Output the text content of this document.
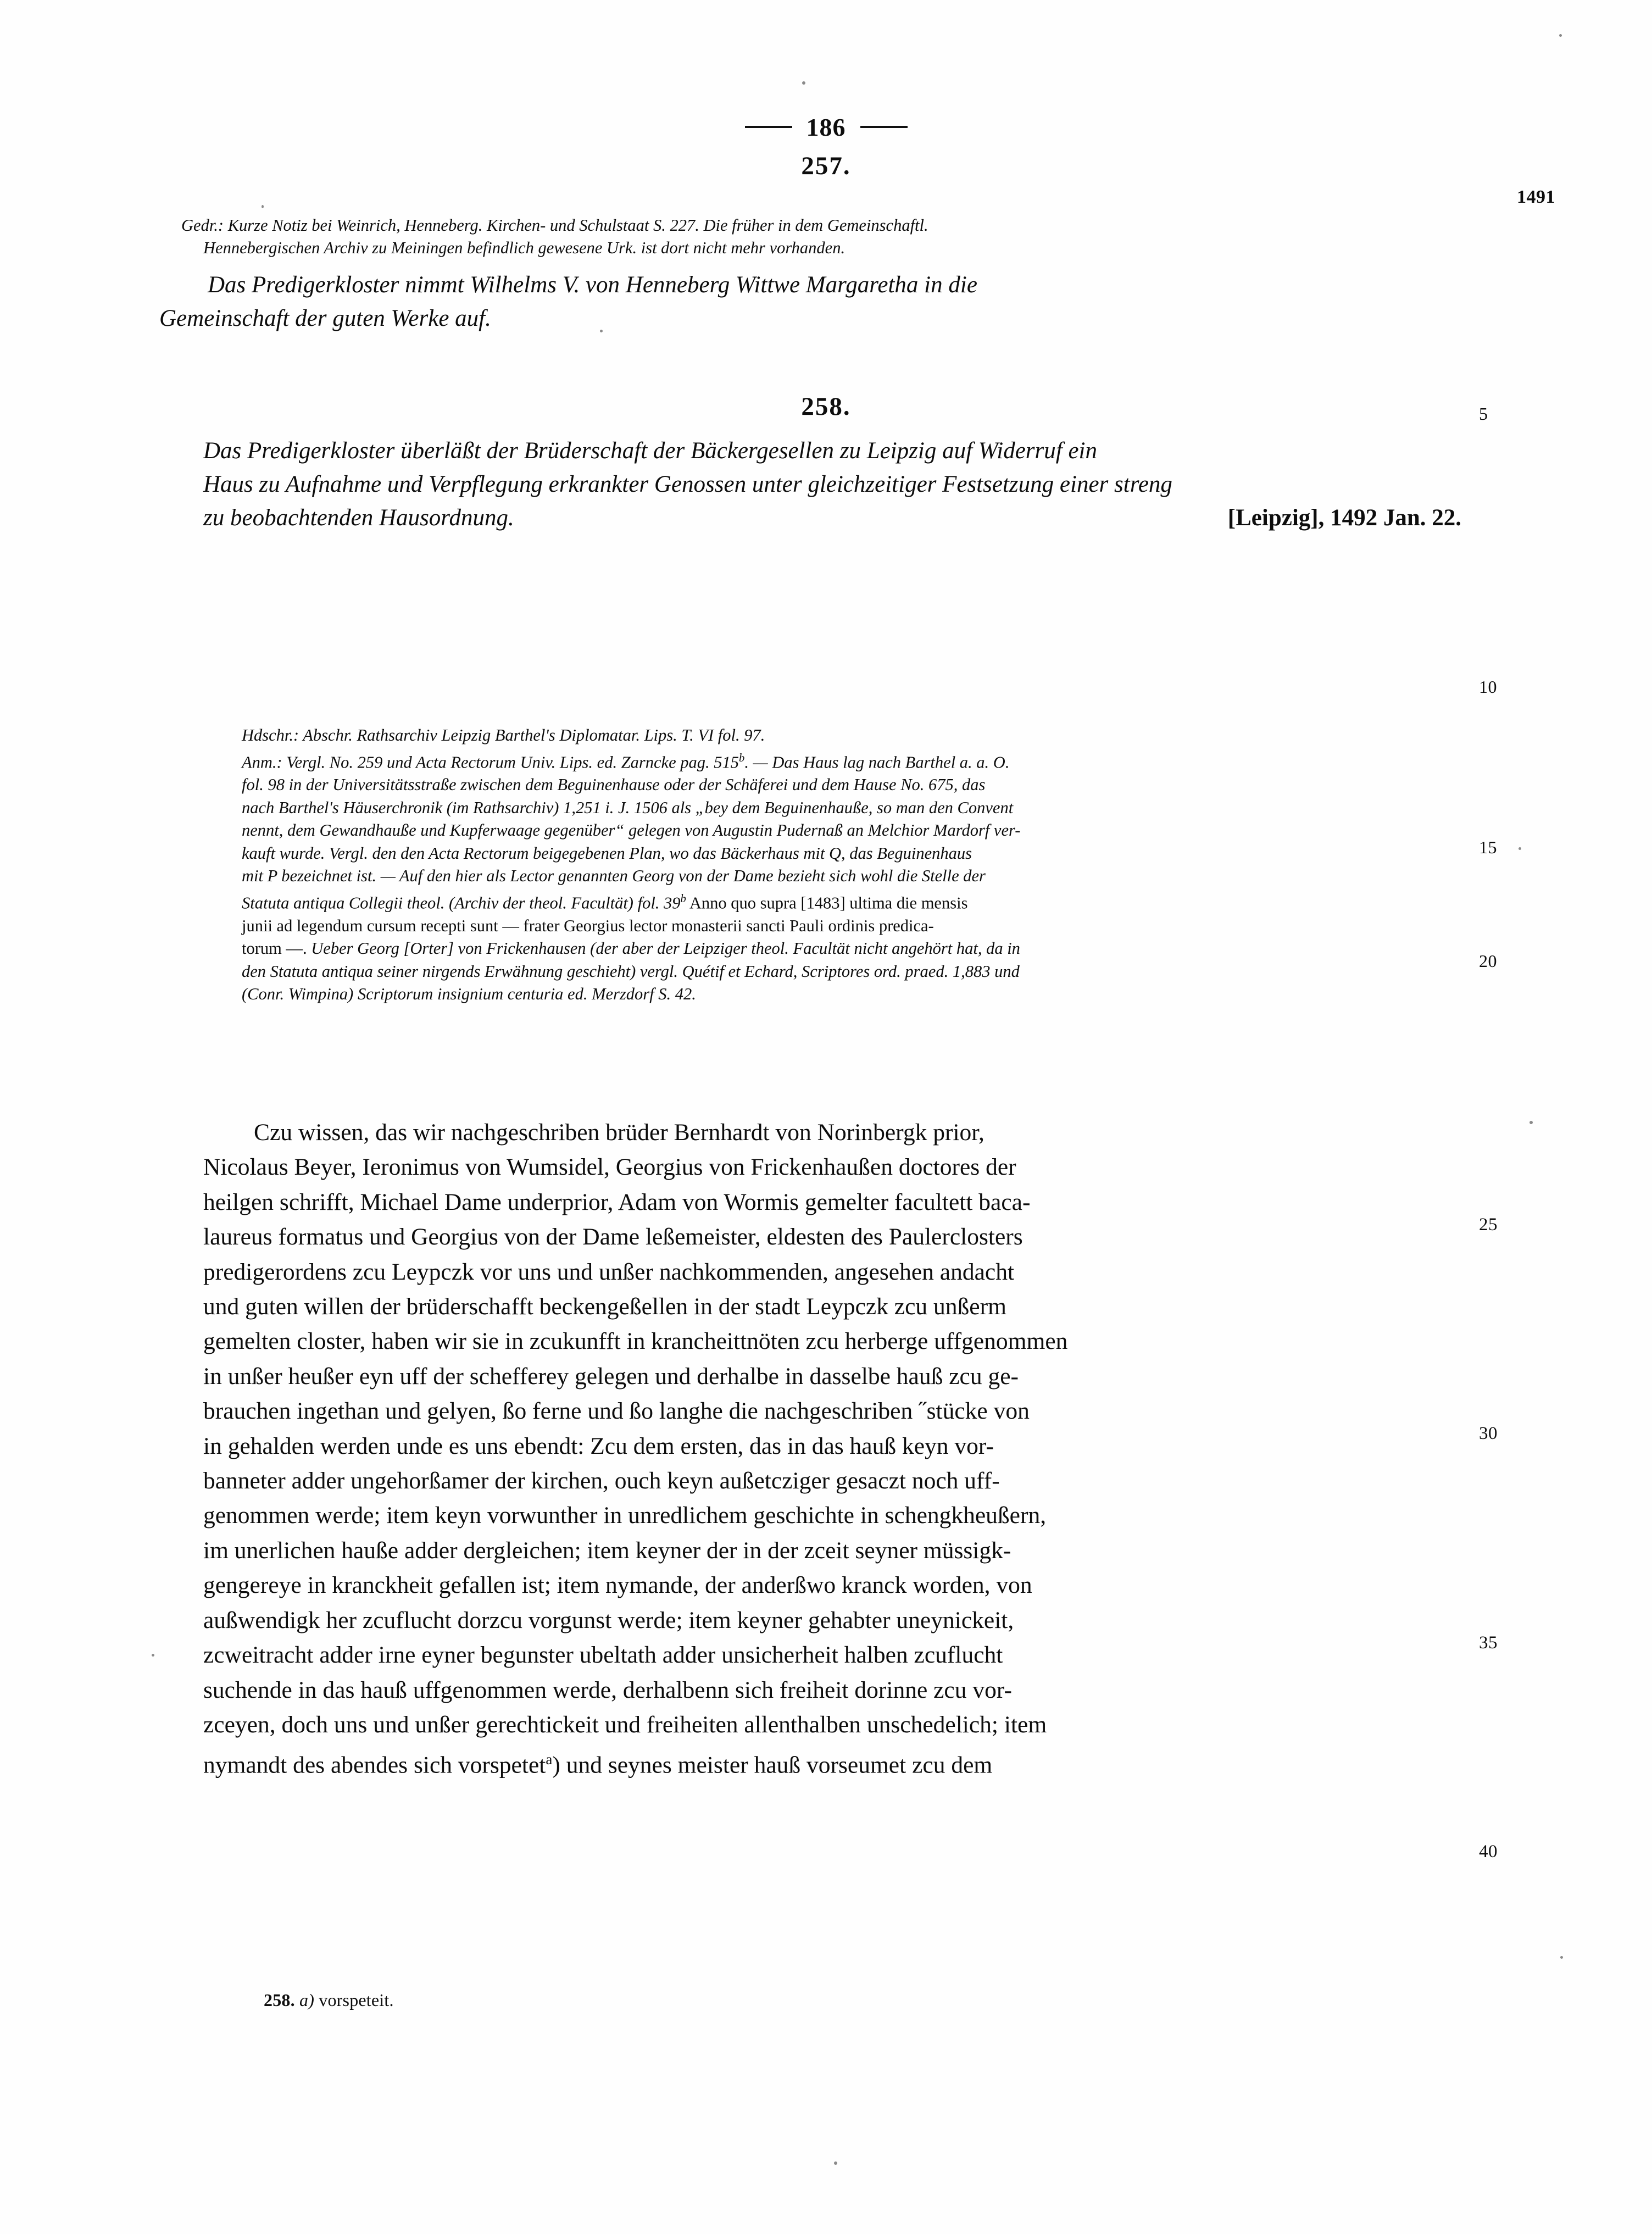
186
257.
1491
Gedr.: Kurze Notiz bei Weinrich, Henneberg. Kirchen- und Schulstaat S. 227. Die früher in dem Gemeinschaftl.
Hennebergischen Archiv zu Meiningen befindlich gewesene Urk. ist dort nicht mehr vorhanden.
Das Predigerkloster nimmt Wilhelms V. von Henneberg Wittwe Margaretha in die
Gemeinschaft der guten Werke auf.
258.
Das Predigerkloster überläßt der Brüderschaft der Bäckergesellen zu Leipzig auf Widerruf ein
Haus zu Aufnahme und Verpflegung erkrankter Genossen unter gleichzeitiger Festsetzung einer streng
[Leipzig], 1492 Jan. 22.
zu beobachtenden Hausordnung.
Hdschr.: Abschr. Rathsarchiv Leipzig Barthel's Diplomatar. Lips. T. VI fol. 97.
Anm.: Vergl. No. 259 und Acta Rectorum Univ. Lips. ed. Zarncke pag. 515$^b$. — Das Haus lag nach Barthel a. a. O.
fol. 98 in der Universitätsstraße zwischen dem Beguinenhause oder der Schäferei und dem Hause No. 675, das
nach Barthel's Häuserchronik (im Rathsarchiv) 1,251 i. J. 1506 als „bey dem Beguinenhauße, so man den Convent
nennt, dem Gewandhauße und Kupferwaage gegenüber“ gelegen von Augustin Pudernaß an Melchior Mardorf ver-
kauft wurde. Vergl. den den Acta Rectorum beigegebenen Plan, wo das Bäckerhaus mit Q, das Beguinenhaus
mit P bezeichnet ist. — Auf den hier als Lector genannten Georg von der Dame bezieht sich wohl die Stelle der
Statuta antiqua Collegii theol. (Archiv der theol. Facultät) fol. 39$^b$ Anno quo supra [1483] ultima die mensis
junii ad legendum cursum recepti sunt — frater Georgius lector monasterii sancti Pauli ordinis predica-
torum —. Ueber Georg [Orter] von Frickenhausen (der aber der Leipziger theol. Facultät nicht angehört hat, da in
den Statuta antiqua seiner nirgends Erwähnung geschieht) vergl. Quétif et Echard, Scriptores ord. praed. 1,883 und
(Conr. Wimpina) Scriptorum insignium centuria ed. Merzdorf S. 42.
Czu wissen, das wir nachgeschriben brüder Bernhardt von Norinbergk prior,
Nicolaus Beyer, Ieronimus von Wumsidel, Georgius von Frickenhaußen doctores der
heilgen schrifft, Michael Dame underprior, Adam von Wormis gemelter facultett baca-
laureus formatus und Georgius von der Dame leßemeister, eldesten des Paulerclosters
predigerordens zcu Leypczk vor uns und unßer nachkommenden, angesehen andacht
und guten willen der brüderschafft beckengeßellen in der stadt Leypczk zcu unßerm
gemelten closter, haben wir sie in zcukunfft in krancheittnöten zcu herberge uffgenommen
in unßer heußer eyn uff der schefferey gelegen und derhalbe in dasselbe hauß zcu ge-
brauchen ingethan und gelyen, ßo ferne und ßo langhe die nachgeschriben ˝stücke von
in gehalden werden unde es uns ebendt: Zcu dem ersten, das in das hauß keyn vor-
banneter adder ungehorßamer der kirchen, ouch keyn außetcziger gesaczt noch uff-
genommen werde; item keyn vorwunther in unredlichem geschichte in schengkheußern,
im unerlichen hauße adder dergleichen; item keyner der in der zceit seyner müssigk-
gengereye in kranckheit gefallen ist; item nymande, der anderßwo kranck worden, von
außwendigk her zcuflucht dorzcu vorgunst werde; item keyner gehabter uneynickeit,
zcweitracht adder irne eyner begunster ubeltath adder unsicherheit halben zcuflucht
suchende in das hauß uffgenommen werde, derhalbenn sich freiheit dorinne zcu vor-
zceyen, doch uns und unßer gerechtickeit und freiheiten allenthalben unschedelich; item
nymandt des abendes sich vorspetet$^a$) und seynes meister hauß vorseumet zcu dem
5
10
15
20
25
30
35
40
258. a) vorspeteit.
